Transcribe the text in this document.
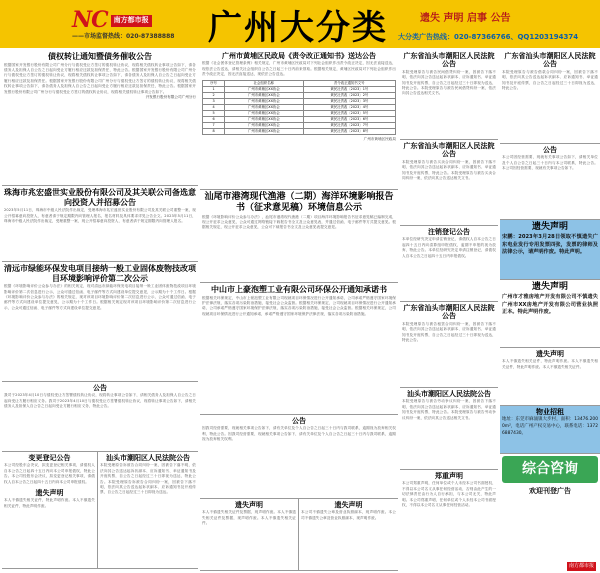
NC 南方都市报
——市场监督热线：020-87388888 广州大分类	遗失 声明 启事 公告
大分类广告热线：020-87366766、QQ1203194374
债权转让通知暨债务催收公告
根据国家开发银行股份有限公司广州分行与债权受让方签订的债权转让协议，现将相关债权转让事项公告如下，请各债务人及担保人自公告之日起向受让方履行相应还款及担保责任，特此公告。根据国家开发银行股份有限公司广州分行与债权受让方签订的债权转让协议，现将相关债权转让事项公告如下，请各债务人及担保人自公告之日起向受让方履行相应还款及担保责任。根据国家开发银行股份有限公司广州分行与债权受让方签订的债权转让协议，现将相关债权转让事项公告如下，请各债务人及担保人自公告之日起向受让方履行相应还款及担保责任，特此公告。根据国家开发银行股份有限公司广州分行与债权受让方签订的债权转让协议，现将相关债权转让事项公告如下。
开发银行股份有限公司广州分行
珠海市兆宏盛世实业股份有限公司及其关联公司备选意向投资人并招募公告
2023年5月11日，珠海市中级人民法院作出裁定，受理珠海市兆宏盛世实业股份有限公司及其关联公司重整一案，现公开招募意向投资人，有意者请于规定期限内向管理人报名，报名材料及具体要求详见公告全文。2023年5月11日，珠海市中级人民法院作出裁定，受理重整一案，现公开招募意向投资人，有意者请于规定期限内向管理人报名。
清远市绿能环保发电项目接纳一般工业固体废物技改项目环境影响评价第二次公示
根据《环境影响评价公众参与办法》的相关规定，现对清远市绿能环保发电项目接纳一般工业固体废物技改项目环境影响评价第二次信息进行公示，公众可通过信函、电子邮件等方式向建设单位提交意见，公示期为十个工作日。根据《环境影响评价公众参与办法》的相关规定，现对该项目环境影响评价第二次信息进行公示，公众可通过信函、电子邮件等方式向建设单位提交意见，公示期为十个工作日。根据相关规定现对该项目环境影响评价第二次信息进行公示，公众可通过信函、电子邮件等方式向建设单位提交意见。
公告
我司于2023年4月10日与债权受让方签署债权转让协议，现将转让事项公告如下，请相关债务人及担保人自公告之日起向受让方履行相应义务。我司于2023年4月10日与债权受让方签署债权转让协议，现将转让事项公告如下，请相关债务人及担保人自公告之日起向受让方履行相应义务，特此公告。
变更登记公告
本公司经股东会决议，拟变更登记相关事项，请债权人自本公告之日起四十五日内向本公司申报债权，特此公告。本公司经股东会决议，拟变更登记相关事项，请债权人自本公告之日起四十五日内向本公司申报债权。
遗失声明
本人不慎遗失相关证件，特此声明作废。本人不慎遗失相关证件，特此声明作废。
汕头市潮阳区人民法院公告
本院受理原告诉被告合同纠纷一案，因被告下落不明，依法向其公告送达起诉状副本、应诉通知书、举证通知书及开庭传票，自公告之日起经过三十日即视为送达，特此公告。本院受理原告诉被告合同纠纷一案，因被告下落不明，依法向其公告送达起诉状副本、应诉通知书及开庭传票，自公告之日起经过三十日即视为送达。
广州市黄埔区民政局《责令改正通知书》送达公告
根据《社会团体登记管理条例》相关规定，广州市黄埔区民政局对下列社会组织作出责令改正决定，因无法直接送达，现依法公告送达，请相关社会组织自公告之日起三十日内前来领取。根据相关规定，黄埔区民政局对下列社会组织作出责令改正决定，因无法直接送达，现依法公告送达。
序号	社会组织名称	责令改正通知书文号
1	广州市黄埔区XX协会	黄民社责改〔2023〕1号
2	广州市黄埔区XX协会	黄民社责改〔2023〕2号
3	广州市黄埔区XX协会	黄民社责改〔2023〕3号
4	广州市黄埔区XX协会	黄民社责改〔2023〕4号
5	广州市黄埔区XX协会	黄民社责改〔2023〕5号
6	广州市黄埔区XX协会	黄民社责改〔2023〕6号
7	广州市黄埔区XX协会	黄民社责改〔2023〕7号
8	广州市黄埔区XX协会	黄民社责改〔2023〕8号
广州市黄埔区民政局
汕尾市港湾现代渔港（二期）海洋环境影响报告书（征求意见稿）环境信息公示
根据《环境影响评价公众参与办法》，汕尾市港湾现代渔港（二期）项目海洋环境影响报告书征求意见稿已编制完成，现公开征求公众意见，公众可通过网络链接下载报告书全文及公众意见表，并通过信函、电子邮件等方式提交意见。根据相关规定，现公开征求公众意见，公众可下载报告书全文及公众意见表提交意见。
中山市上豪泡塑工业有限公司环保公开通知承诺书
根据相关环保规定，中山市上豪泡塑工业有限公司现就项目环保情况进行公开通知承诺，公司承诺严格遵守国家环境保护法律法规，落实各项污染防治措施，接受社会公众监督。根据相关环保规定，公司现就项目环保情况进行公开通知承诺，公司承诺严格遵守国家环境保护法律法规，落实各项污染防治措施，接受社会公众监督。根据相关环保规定，公司现就项目环保情况进行公开通知承诺，承诺严格遵守国家环境保护法律法规，落实各项污染防治措施。
公告
因我司经营需要，现就相关事项公告如下，请有关单位及个人自公告之日起三十日内与我司联系，逾期视为放弃相关权利，特此公告。因我司经营需要，现就相关事项公告如下，请有关单位及个人自公告之日起三十日内与我司联系，逾期视为放弃相关权利。
遗失声明
本人不慎遗失相关证件及票据，现声明作废。本人不慎遗失相关证件及票据，现声明作废。本人不慎遗失相关证件。
遗失声明
本公司不慎遗失公章及营业执照副本，现声明作废。本公司不慎遗失公章及营业执照副本，现声明作废。
广东省汕头市潮阳区人民法院公告
本院受理原告与被告民间借贷纠纷一案，因被告下落不明，依法向其公告送达起诉状副本、应诉通知书、举证通知书及开庭传票，自公告之日起经过三十日即视为送达，特此公告。本院受理原告与被告民间借贷纠纷一案，依法向其公告送达相关文书。
广东省汕头市潮阳区人民法院公告
本院受理原告与被告买卖合同纠纷一案，因被告下落不明，依法向其公告送达起诉状副本、应诉通知书、举证通知书及开庭传票，特此公告。本院受理原告与被告买卖合同纠纷一案，依法向其公告送达相关文书。
注销登记公告
本单位经研究决定申请注销登记，请债权人自本公告之日起四十五日内向清算组申报债权，逾期不申报的视为放弃，特此公告。本单位经研究决定申请注销登记，请债权人自本公告之日起四十五日内申报债权。
广东省汕头市潮阳区人民法院公告
本院受理原告与被告租赁合同纠纷一案，因被告下落不明，依法向其公告送达起诉状副本、应诉通知书、举证通知书及开庭传票，自公告之日起经过三十日即视为送达，特此公告。
汕头市潮阳区人民法院公告
本院受理原告与被告劳动争议纠纷一案，因被告下落不明，依法向其公告送达起诉状副本、应诉通知书、举证通知书及开庭传票，特此公告。本院受理原告与被告劳动争议纠纷一案，依法向其公告送达相关文书。
郑重声明
本公司郑重声明，任何单位或个人未经本公司书面授权，不得以本公司名义从事任何经营活动，否则由此产生的一切法律责任由行为人自行承担，与本公司无关，特此声明。本公司郑重声明，任何单位或个人未经本公司书面授权，不得以本公司名义从事任何经营活动。
广东省汕头市潮阳区人民法院公告
本院受理原告与被告借款合同纠纷一案，因被告下落不明，依法向其公告送达起诉状副本、应诉通知书、举证通知书及开庭传票，自公告之日起经过三十日即视为送达，特此公告。
公告
本公司因经营需要，现就有关事项公告如下，请相关单位及个人自公告之日起三十日内与本公司联系，特此公告。本公司因经营需要，现就有关事项公告如下。
遗失声明
宋鹏：2023年3月28日领取不慎遗失广东电业发行专用发票四张，发票的律师及法律公示，请声明作废。特此声明。
遗失声明
广州市才雅房地产开发有限公司不慎遗失广州市XX房地产开发有限公司营业执照正本。特此声明作废。
遗失声明
本人不慎遗失相关证件，特此声明作废。本人不慎遗失相关证件，特此声明作废。本人不慎遗失相关证件。
物业招租
地址：东莞市麻涌镇大步村，面积：13476.2000m²，电话广州产权交易中心，联系电话：13726887430。
综合咨询
欢迎刊登广告
南方都市报
